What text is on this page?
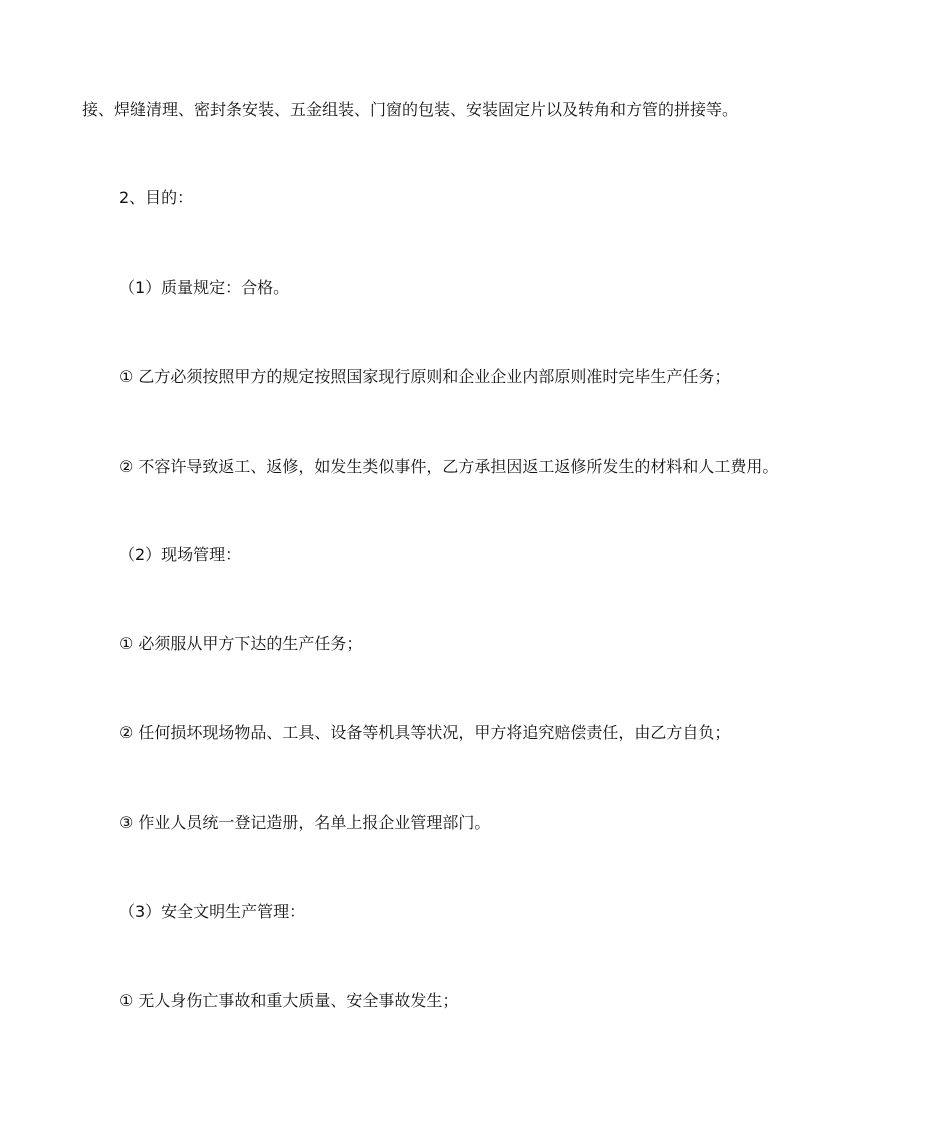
接、焊缝清理、密封条安装、五金组装、门窗的包装、安装固定片以及转角和方管的拼接等。
2、目的：
（1）质量规定：合格。
① 乙方必须按照甲方的规定按照国家现行原则和企业企业内部原则准时完毕生产任务；
② 不容许导致返工、返修，如发生类似事件，乙方承担因返工返修所发生的材料和人工费用。
（2）现场管理：
① 必须服从甲方下达的生产任务；
② 任何损坏现场物品、工具、设备等机具等状况，甲方将追究赔偿责任，由乙方自负；
③ 作业人员统一登记造册，名单上报企业管理部门。
（3）安全文明生产管理：
① 无人身伤亡事故和重大质量、安全事故发生；
